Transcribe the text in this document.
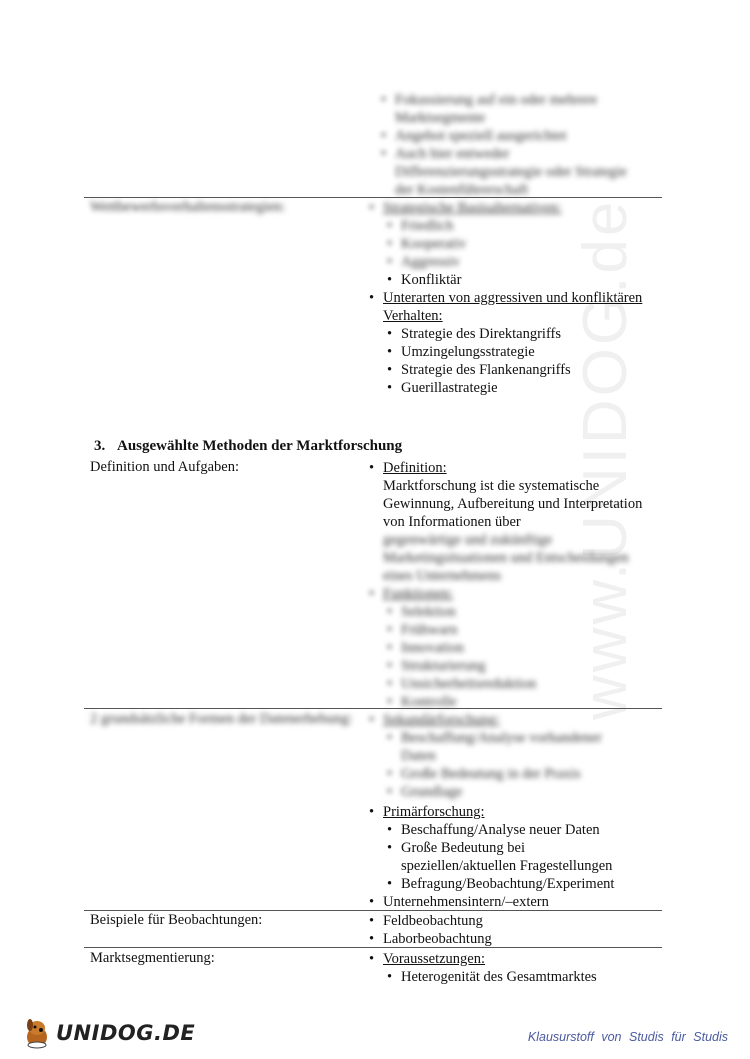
www.UNIDOG.de
• Fokussierung auf ein oder mehrere Marktsegmente
• Angebot speziell ausgerichtet
• Auch hier entweder Differenzierungsstrategie oder Strategie der Kostenführerschaft
Wettbewerbsverhaltensstrategien:	• Strategische Basisalternativen:
• Friedlich
• Kooperativ
• Aggressiv
• Konfliktär
• Unterarten von aggressiven und konfliktären Verhalten:
• Strategie des Direktangriffs
• Umzingelungsstrategie
• Strategie des Flankenangriffs
• Guerillastrategie
3. Ausgewählte Methoden der Marktforschung
Definition und Aufgaben:	• Definition:
Marktforschung ist die systematische Gewinnung, Aufbereitung und Interpretation von Informationen über
gegenwärtige und zukünftige Marketingsituationen und Entscheidungen eines Unternehmens
• Funktionen:
• Selektion
• Frühwarn
• Innovation
• Strukturierung
• Unsicherheitsreduktion
• Kontrolle
2 grundsätzliche Formen der Datenerhebung:	• Sekundärforschung:
• Beschaffung/Analyse vorhandener Daten
• Große Bedeutung in der Praxis
• Grundlage
• Primärforschung:
• Beschaffung/Analyse neuer Daten
• Große Bedeutung bei speziellen/aktuellen Fragestellungen
• Befragung/Beobachtung/Experiment
• Unternehmensintern/–extern
Beispiele für Beobachtungen:	• Feldbeobachtung
• Laborbeobachtung
Marktsegmentierung:	• Voraussetzungen:
• Heterogenität des Gesamtmarktes
UNIDOG.DE	Klausurstoff von Studis für Studis
